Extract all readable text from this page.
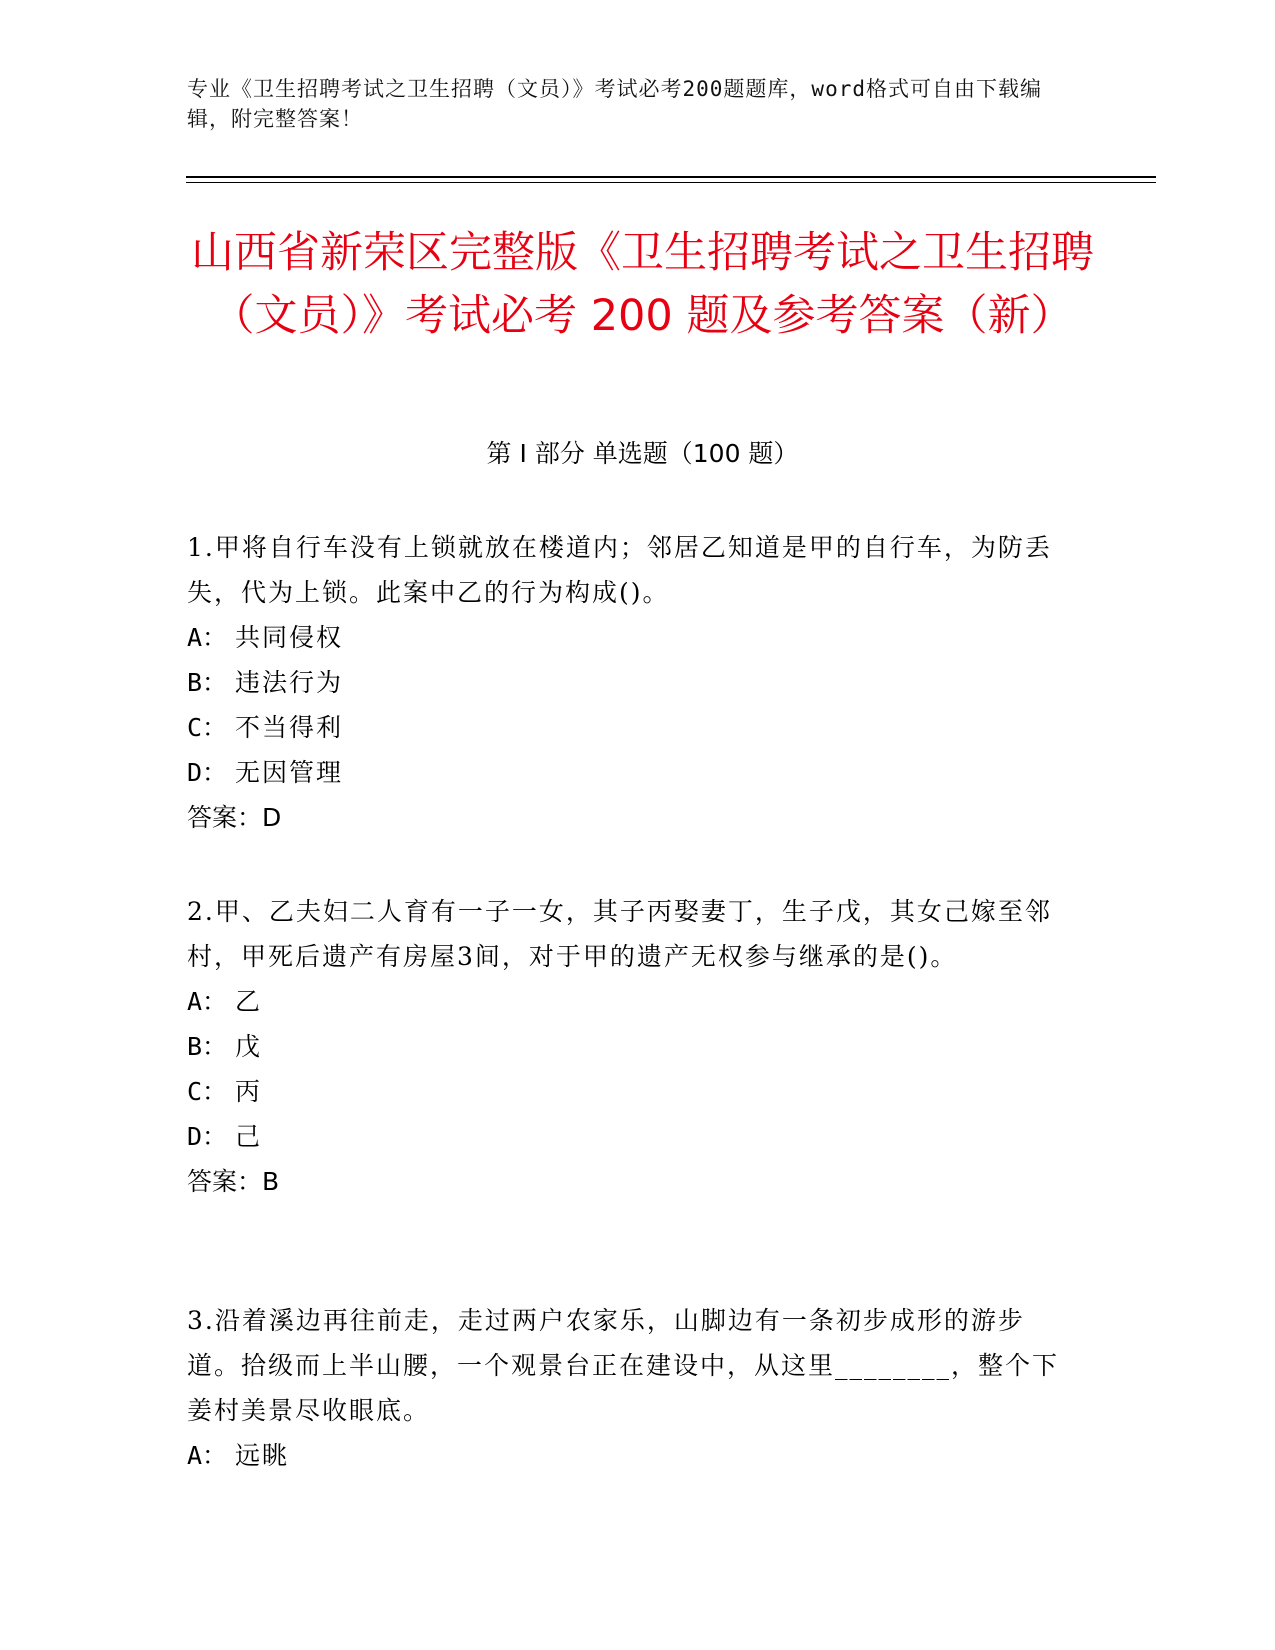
专业《卫生招聘考试之卫生招聘（文员）》考试必考200题题库，word格式可自由下载编辑，附完整答案！
山西省新荣区完整版《卫生招聘考试之卫生招聘（文员）》考试必考 200 题及参考答案（新）
第 I 部分 单选题（100 题）

1.甲将自行车没有上锁就放在楼道内；邻居乙知道是甲的自行车，为防丢失，代为上锁。此案中乙的行为构成()。

A： 共同侵权

B： 违法行为

C： 不当得利

D： 无因管理

答案：D

2.甲、乙夫妇二人育有一子一女，其子丙娶妻丁，生子戊，其女己嫁至邻村，甲死后遗产有房屋3间，对于甲的遗产无权参与继承的是()。

A： 乙

B： 戊

C： 丙

D： 己

答案：B

3.沿着溪边再往前走，走过两户农家乐，山脚边有一条初步成形的游步道。拾级而上半山腰，一个观景台正在建设中，从这里________，整个下姜村美景尽收眼底。

A： 远眺
